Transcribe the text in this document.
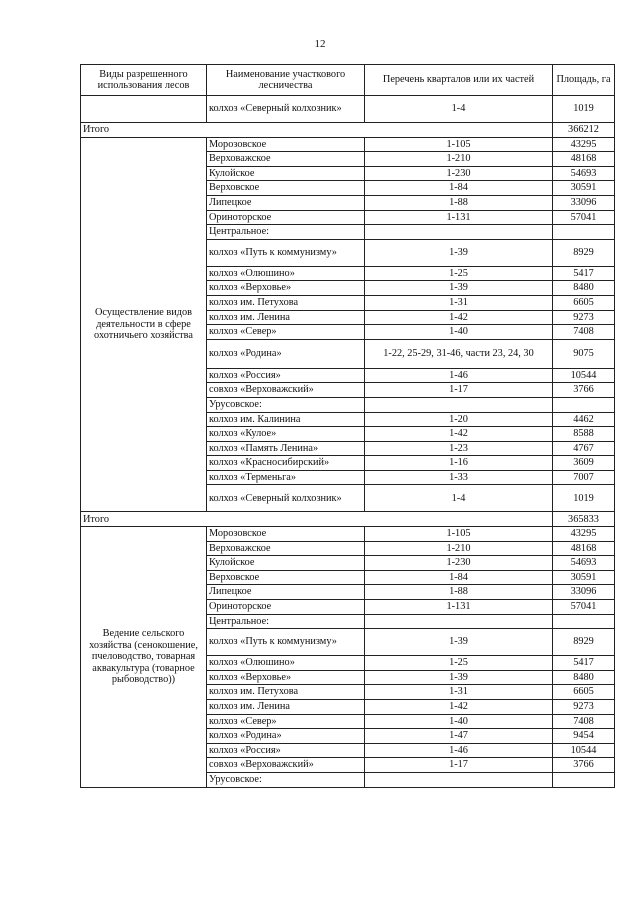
12
Виды разрешенного использования лесов	Наименование участкового лесничества	Перечень кварталов или их частей	Площадь, га
	колхоз «Северный колхозник»	1-4	1019
Итого			366212
Осуществление видов деятельности в сфере охотничьего хозяйства	Морозовское	1-105	43295
	Верховажское	1-210	48168
	Кулойское	1-230	54693
	Верховское	1-84	30591
	Липецкое	1-88	33096
	Ориноторское	1-131	57041
	Центральное:		
	колхоз «Путь к коммунизму»	1-39	8929
	колхоз «Олюшино»	1-25	5417
	колхоз «Верховье»	1-39	8480
	колхоз им. Петухова	1-31	6605
	колхоз им. Ленина	1-42	9273
	колхоз «Север»	1-40	7408
	колхоз «Родина»	1-22, 25-29, 31-46, части 23, 24, 30	9075
	колхоз «Россия»	1-46	10544
	совхоз «Верховажский»	1-17	3766
	Урусовское:		
	колхоз им. Калинина	1-20	4462
	колхоз «Кулое»	1-42	8588
	колхоз «Память Ленина»	1-23	4767
	колхоз «Красносибирский»	1-16	3609
	колхоз «Терменьга»	1-33	7007
	колхоз «Северный колхозник»	1-4	1019
Итого			365833
Ведение сельского хозяйства (сенокошение, пчеловодство, товарная аквакультура (товарное рыбоводство))	Морозовское	1-105	43295
	Верховажское	1-210	48168
	Кулойское	1-230	54693
	Верховское	1-84	30591
	Липецкое	1-88	33096
	Ориноторское	1-131	57041
	Центральное:		
	колхоз «Путь к коммунизму»	1-39	8929
	колхоз «Олюшино»	1-25	5417
	колхоз «Верховье»	1-39	8480
	колхоз им. Петухова	1-31	6605
	колхоз им. Ленина	1-42	9273
	колхоз «Север»	1-40	7408
	колхоз «Родина»	1-47	9454
	колхоз «Россия»	1-46	10544
	совхоз «Верховажский»	1-17	3766
	Урусовское:		
